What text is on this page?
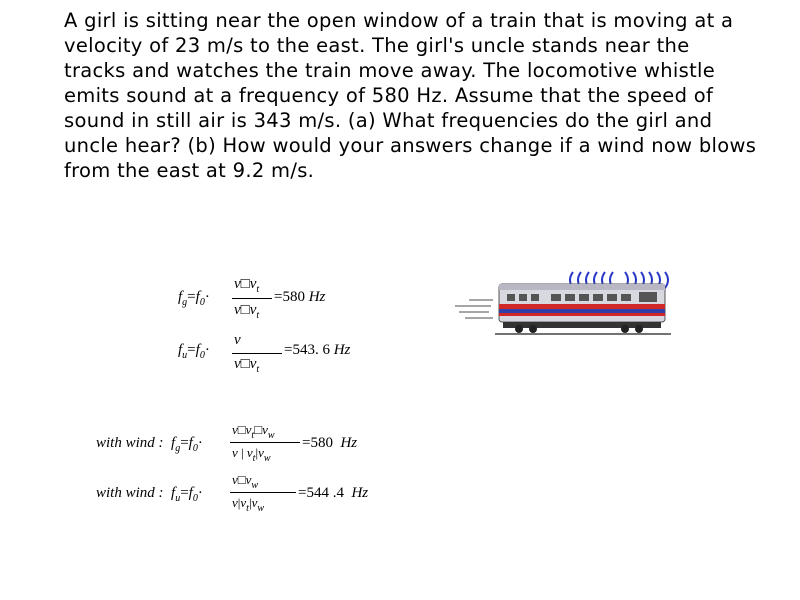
A girl is sitting near the open window of a train that is moving at a
velocity of 23 m/s to the east. The girl's uncle stands near the
tracks and watches the train move away. The locomotive whistle
emits sound at a frequency of 580 Hz. Assume that the speed of
sound in still air is 343 m/s. (a) What frequencies do the girl and
uncle hear? (b) How would your answers change if a wind now blows
from the east at 9.2 m/s.

$f_g=f_0\cdot$
$v□v_t$
$v□v_t$
=580 Hz
$f_u=f_0\cdot$
v
$v□v_t$
=543. 6 Hz
with wind : $f_g=f_0\cdot$
$v□v_t□v_w$
v | $v_t|v_w$
=580 Hz
with wind : $f_u=f_0\cdot$
$v□v_w$
$v|v_t|v_w$
=544 .4 Hz
